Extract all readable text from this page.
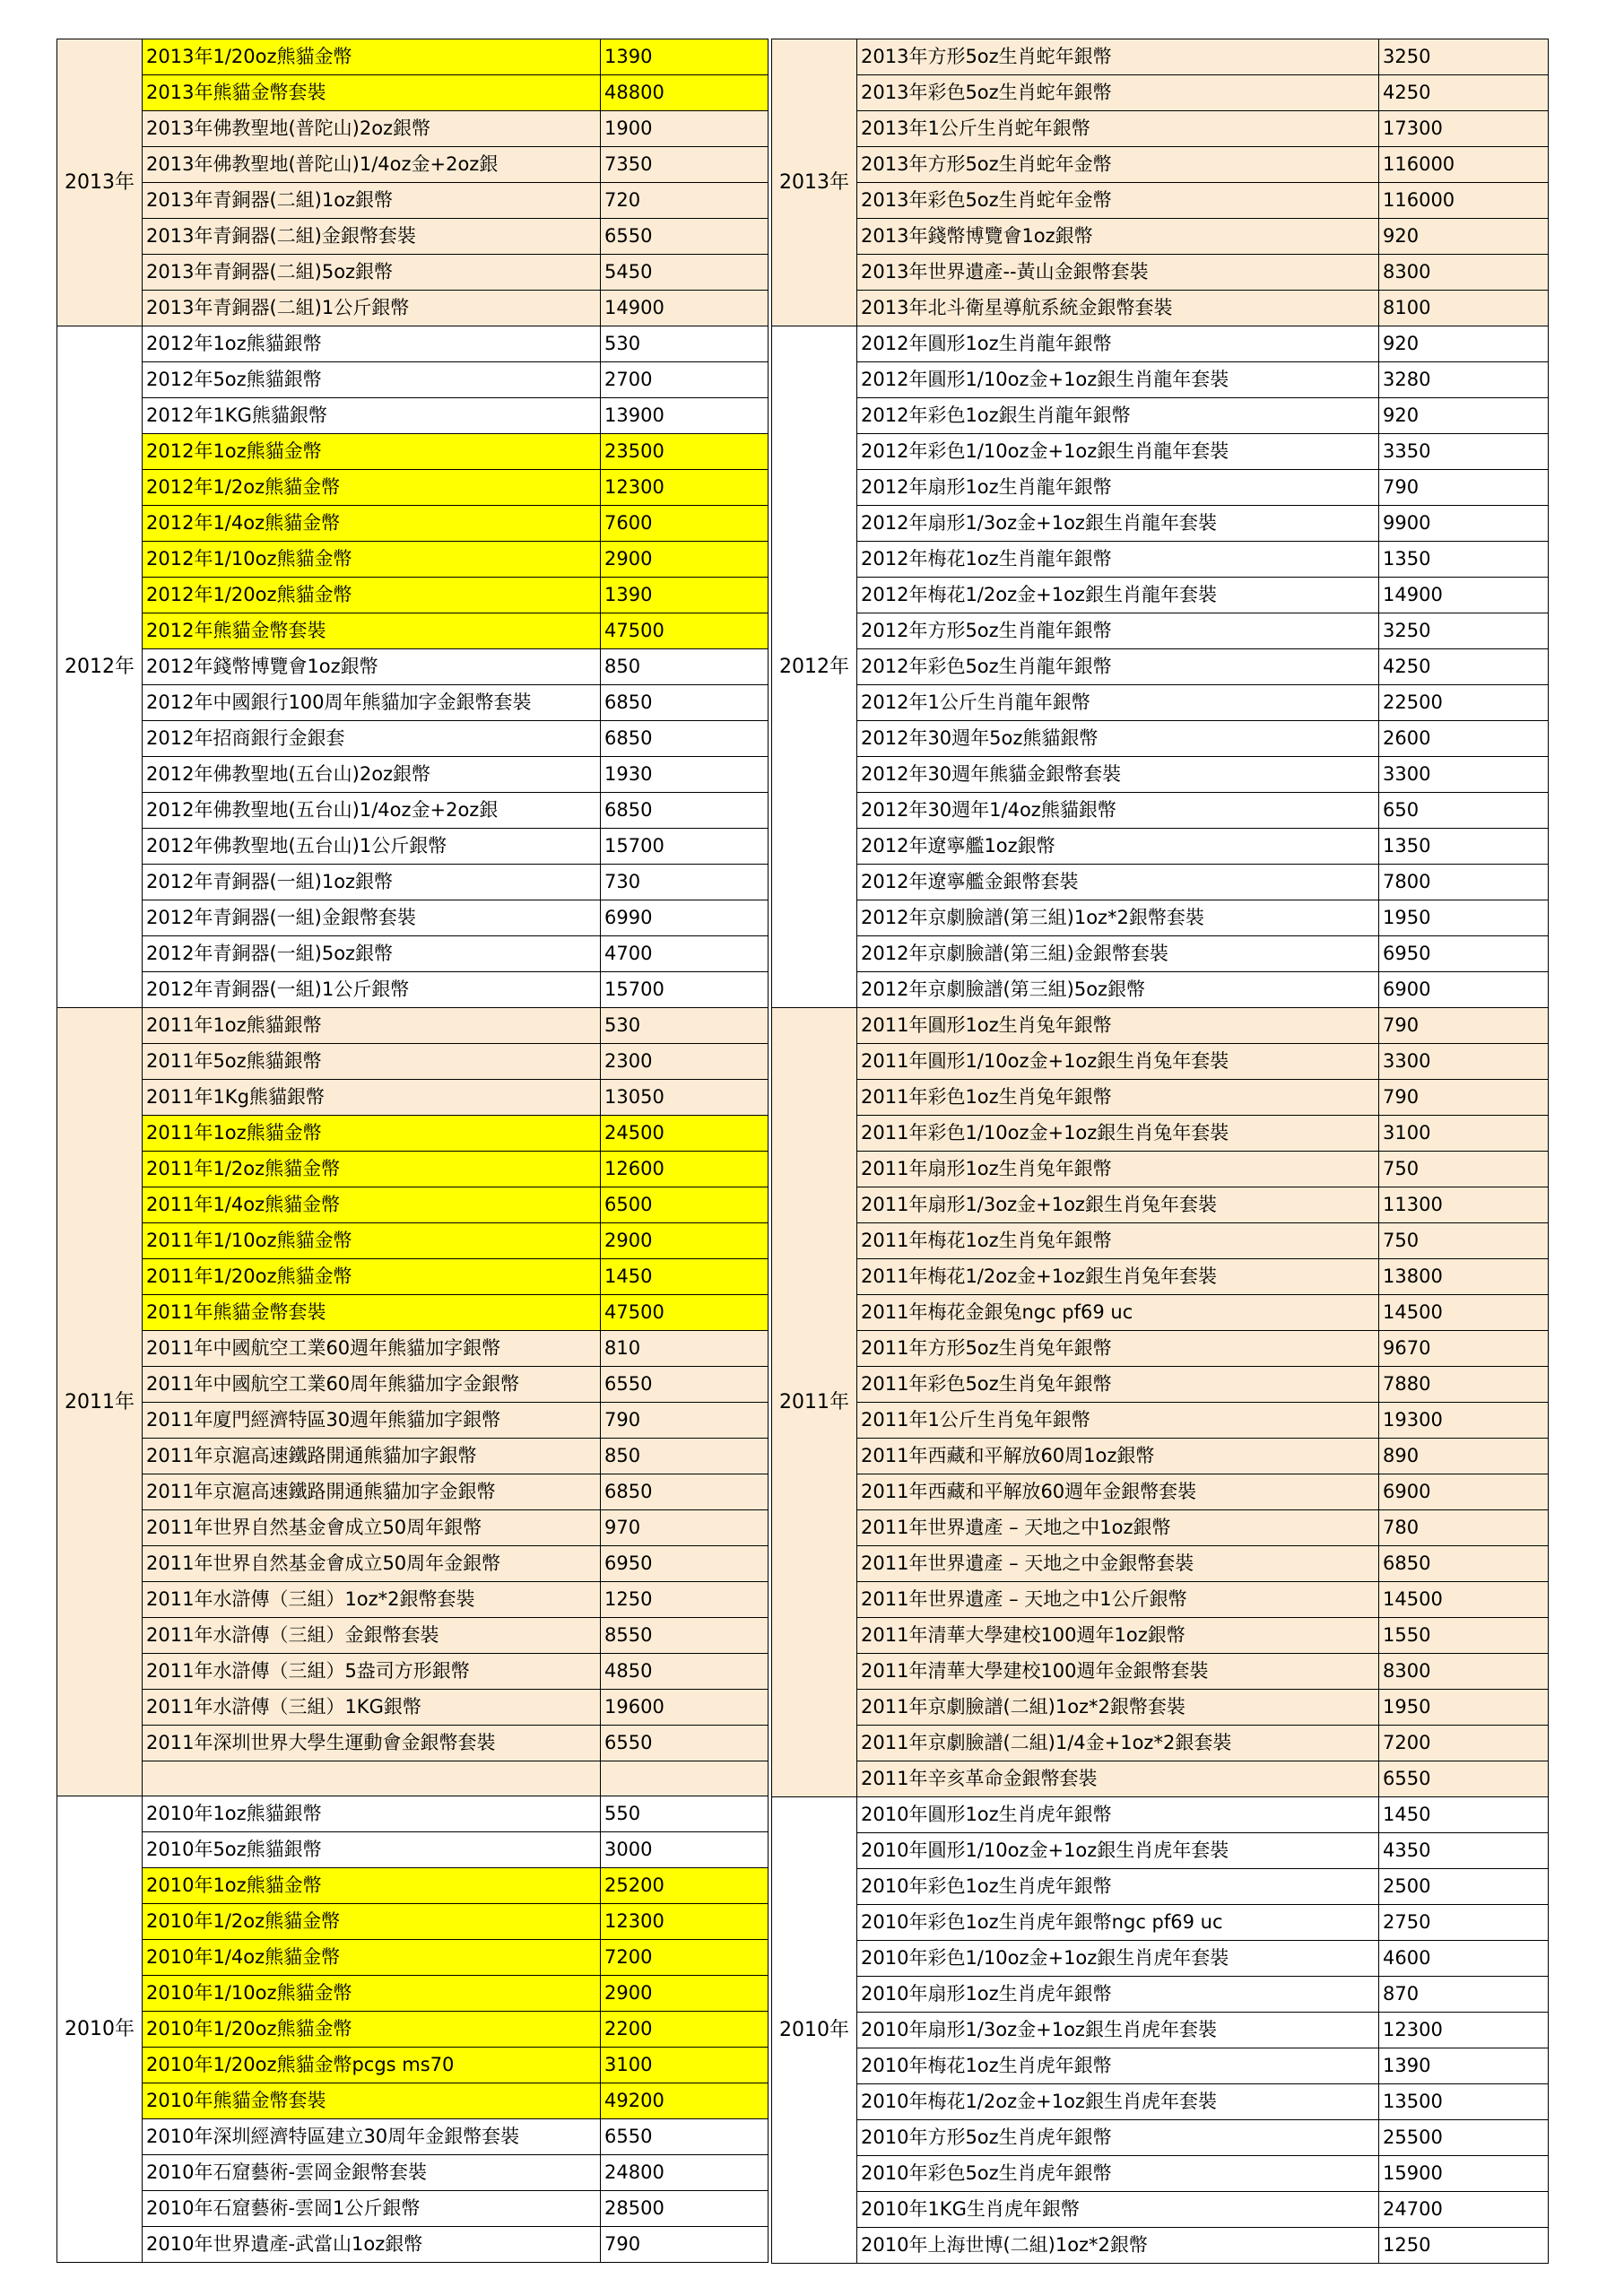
2013年	2013年1/20oz熊貓金幣	1390
	2013年熊貓金幣套裝	48800
	2013年佛教聖地(普陀山)2oz銀幣	1900
	2013年佛教聖地(普陀山)1/4oz金+2oz銀	7350
	2013年青銅器(二組)1oz銀幣	720
	2013年青銅器(二組)金銀幣套裝	6550
	2013年青銅器(二組)5oz銀幣	5450
	2013年青銅器(二組)1公斤銀幣	14900
2012年	2012年1oz熊貓銀幣	530
	2012年5oz熊貓銀幣	2700
	2012年1KG熊貓銀幣	13900
	2012年1oz熊貓金幣	23500
	2012年1/2oz熊貓金幣	12300
	2012年1/4oz熊貓金幣	7600
	2012年1/10oz熊貓金幣	2900
	2012年1/20oz熊貓金幣	1390
	2012年熊貓金幣套裝	47500
	2012年錢幣博覽會1oz銀幣	850
	2012年中國銀行100周年熊貓加字金銀幣套裝	6850
	2012年招商銀行金銀套	6850
	2012年佛教聖地(五台山)2oz銀幣	1930
	2012年佛教聖地(五台山)1/4oz金+2oz銀	6850
	2012年佛教聖地(五台山)1公斤銀幣	15700
	2012年青銅器(一組)1oz銀幣	730
	2012年青銅器(一組)金銀幣套裝	6990
	2012年青銅器(一組)5oz銀幣	4700
	2012年青銅器(一組)1公斤銀幣	15700
2011年	2011年1oz熊貓銀幣	530
	2011年5oz熊貓銀幣	2300
	2011年1Kg熊貓銀幣	13050
	2011年1oz熊貓金幣	24500
	2011年1/2oz熊貓金幣	12600
	2011年1/4oz熊貓金幣	6500
	2011年1/10oz熊貓金幣	2900
	2011年1/20oz熊貓金幣	1450
	2011年熊貓金幣套裝	47500
	2011年中國航空工業60週年熊貓加字銀幣	810
	2011年中國航空工業60周年熊貓加字金銀幣	6550
	2011年廈門經濟特區30週年熊貓加字銀幣	790
	2011年京滬高速鐵路開通熊貓加字銀幣	850
	2011年京滬高速鐵路開通熊貓加字金銀幣	6850
	2011年世界自然基金會成立50周年銀幣	970
	2011年世界自然基金會成立50周年金銀幣	6950
	2011年水滸傳（三組）1oz*2銀幣套裝	1250
	2011年水滸傳（三組）金銀幣套裝	8550
	2011年水滸傳（三組）5盎司方形銀幣	4850
	2011年水滸傳（三組）1KG銀幣	19600
	2011年深圳世界大學生運動會金銀幣套裝	6550

2010年	2010年1oz熊貓銀幣	550
	2010年5oz熊貓銀幣	3000
	2010年1oz熊貓金幣	25200
	2010年1/2oz熊貓金幣	12300
	2010年1/4oz熊貓金幣	7200
	2010年1/10oz熊貓金幣	2900
	2010年1/20oz熊貓金幣	2200
	2010年1/20oz熊貓金幣pcgs ms70	3100
	2010年熊貓金幣套裝	49200
	2010年深圳經濟特區建立30周年金銀幣套裝	6550
	2010年石窟藝術-雲岡金銀幣套裝	24800
	2010年石窟藝術-雲岡1公斤銀幣	28500
	2010年世界遺產-武當山1oz銀幣	790
2013年	2013年方形5oz生肖蛇年銀幣	3250
	2013年彩色5oz生肖蛇年銀幣	4250
	2013年1公斤生肖蛇年銀幣	17300
	2013年方形5oz生肖蛇年金幣	116000
	2013年彩色5oz生肖蛇年金幣	116000
	2013年錢幣博覽會1oz銀幣	920
	2013年世界遺產--黃山金銀幣套裝	8300
	2013年北斗衛星導航系統金銀幣套裝	8100
2012年	2012年圓形1oz生肖龍年銀幣	920
	2012年圓形1/10oz金+1oz銀生肖龍年套裝	3280
	2012年彩色1oz銀生肖龍年銀幣	920
	2012年彩色1/10oz金+1oz銀生肖龍年套裝	3350
	2012年扇形1oz生肖龍年銀幣	790
	2012年扇形1/3oz金+1oz銀生肖龍年套裝	9900
	2012年梅花1oz生肖龍年銀幣	1350
	2012年梅花1/2oz金+1oz銀生肖龍年套裝	14900
	2012年方形5oz生肖龍年銀幣	3250
	2012年彩色5oz生肖龍年銀幣	4250
	2012年1公斤生肖龍年銀幣	22500
	2012年30週年5oz熊貓銀幣	2600
	2012年30週年熊貓金銀幣套裝	3300
	2012年30週年1/4oz熊貓銀幣	650
	2012年遼寧艦1oz銀幣	1350
	2012年遼寧艦金銀幣套裝	7800
	2012年京劇臉譜(第三組)1oz*2銀幣套裝	1950
	2012年京劇臉譜(第三組)金銀幣套裝	6950
	2012年京劇臉譜(第三組)5oz銀幣	6900
2011年	2011年圓形1oz生肖兔年銀幣	790
	2011年圓形1/10oz金+1oz銀生肖兔年套裝	3300
	2011年彩色1oz生肖兔年銀幣	790
	2011年彩色1/10oz金+1oz銀生肖兔年套裝	3100
	2011年扇形1oz生肖兔年銀幣	750
	2011年扇形1/3oz金+1oz銀生肖兔年套裝	11300
	2011年梅花1oz生肖兔年銀幣	750
	2011年梅花1/2oz金+1oz銀生肖兔年套裝	13800
	2011年梅花金銀兔ngc pf69 uc	14500
	2011年方形5oz生肖兔年銀幣	9670
	2011年彩色5oz生肖兔年銀幣	7880
	2011年1公斤生肖兔年銀幣	19300
	2011年西藏和平解放60周1oz銀幣	890
	2011年西藏和平解放60週年金銀幣套裝	6900
	2011年世界遺產 – 天地之中1oz銀幣	780
	2011年世界遺產 – 天地之中金銀幣套裝	6850
	2011年世界遺產 – 天地之中1公斤銀幣	14500
	2011年清華大學建校100週年1oz銀幣	1550
	2011年清華大學建校100週年金銀幣套裝	8300
	2011年京劇臉譜(二組)1oz*2銀幣套裝	1950
	2011年京劇臉譜(二組)1/4金+1oz*2銀套裝	7200
	2011年辛亥革命金銀幣套裝	6550
2010年	2010年圓形1oz生肖虎年銀幣	1450
	2010年圓形1/10oz金+1oz銀生肖虎年套裝	4350
	2010年彩色1oz生肖虎年銀幣	2500
	2010年彩色1oz生肖虎年銀幣ngc pf69 uc	2750
	2010年彩色1/10oz金+1oz銀生肖虎年套裝	4600
	2010年扇形1oz生肖虎年銀幣	870
	2010年扇形1/3oz金+1oz銀生肖虎年套裝	12300
	2010年梅花1oz生肖虎年銀幣	1390
	2010年梅花1/2oz金+1oz銀生肖虎年套裝	13500
	2010年方形5oz生肖虎年銀幣	25500
	2010年彩色5oz生肖虎年銀幣	15900
	2010年1KG生肖虎年銀幣	24700
	2010年上海世博(二組)1oz*2銀幣	1250
